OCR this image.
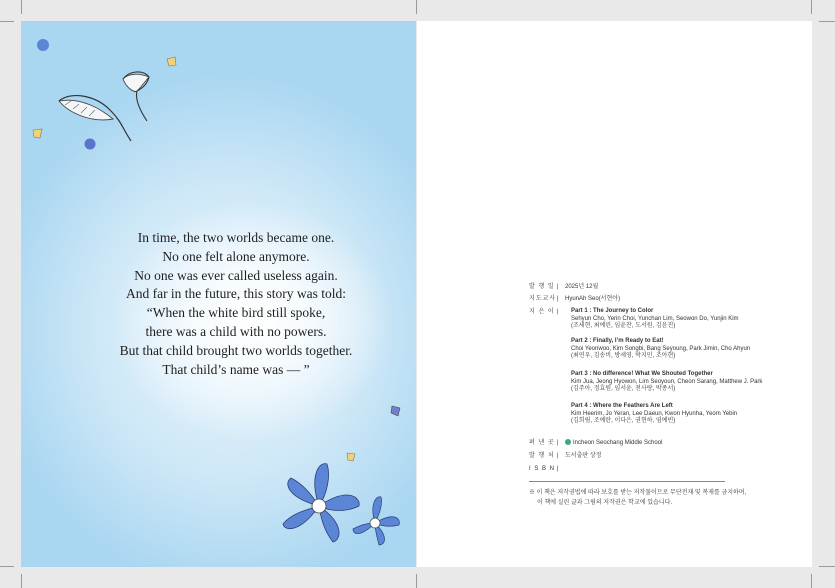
In time, the two worlds became one.
No one felt alone anymore.
No one was ever called useless again.
And far in the future, this story was told:
“When the white bird still spoke,
there was a child with no powers.
But that child brought two worlds together.
That child’s name was — ”
발 행 일 | 2025년 12월
지도교사| HyunAh Seo(서현아)
지 은 이 |	Part 1 : The Journey to Color
Sehyun Cho, Yerin Choi, Yunchan Lim, Seowon Do, Yunjin Kim
(조세현, 최예린, 임윤찬, 도서원, 김윤진)
Part 2 : Finally, I’m Ready to Eat!
Choi Yeonwoo, Kim Songbi, Bang Seyoung, Park Jimin, Cho Ahyun
(최연우, 김송비, 방세영, 박지민, 조아현)
Part 3 : No difference! What We Shouted Together
Kim Jua, Jeong Hyowon, Lim Seoyoun, Cheon Sarang, Matthew J. Park
(김주아, 정효원, 임서윤, 천사랑, 박종서)
Part 4 : Where the Feathers Are Left
Kim Heerim, Jo Yeran, Lee Daeun, Kwon Hyunha, Yeom Yebin
(김희림, 조예란, 이다은, 권현하, 염예빈)
펴 낸 곳 | Incheon Seochang Middle School
발 행 처 | 도서출판 상정
I S B N |
※ 이 책은 저작권법에 따라 보호를 받는 저작물이므로 무단전재 및 복제를 금지하며,
이 책에 실린 글과 그림의 저작권은 학교에 있습니다.
